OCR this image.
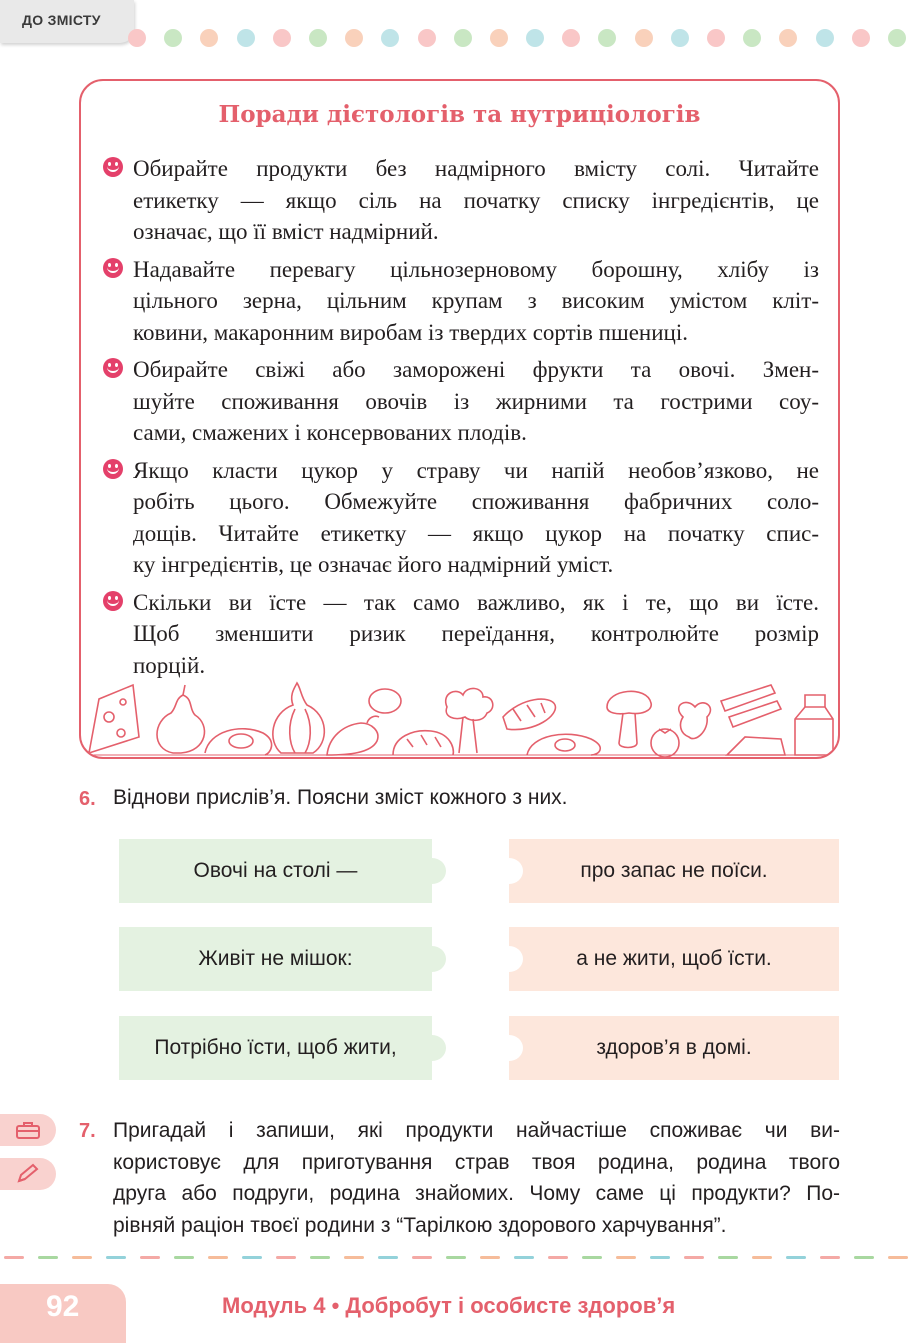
ДО ЗМІСТУ
Поради дієтологів та нутриціологів
Обирайте продукти без надмірного вмісту солі. Читайте
етикетку — якщо сіль на початку списку інгредієнтів, це
означає, що її вміст надмірний.
Надавайте перевагу цільнозерновому борошну, хлібу із
цільного зерна, цільним крупам з високим умістом кліт-
ковини, макаронним виробам із твердих сортів пшениці.
Обирайте свіжі або заморожені фрукти та овочі. Змен-
шуйте споживання овочів із жирними та гострими соу-
сами, смажених і консервованих плодів.
Якщо класти цукор у страву чи напій необов’язково, не
робіть цього. Обмежуйте споживання фабричних соло-
дощів. Читайте етикетку — якщо цукор на початку спис-
ку інгредієнтів, це означає його надмірний уміст.
Скільки ви їсте — так само важливо, як і те, що ви їсте.
Щоб зменшити ризик переїдання, контролюйте розмір
порцій.
6. Віднови прислів’я. Поясни зміст кожного з них.
Овочі на столі —
Живіт не мішок:
Потрібно їсти, щоб жити,
про запас не поїси.
а не жити, щоб їсти.
здоров’я в домі.
7. Пригадай і запиши, які продукти найчастіше споживає чи ви-
користовує для приготування страв твоя родина, родина твого
друга або подруги, родина знайомих. Чому саме ці продукти? По-
рівняй раціон твоєї родини з “Тарілкою здорового харчування”.
92	Модуль 4 • Добробут і особисте здоров’я
